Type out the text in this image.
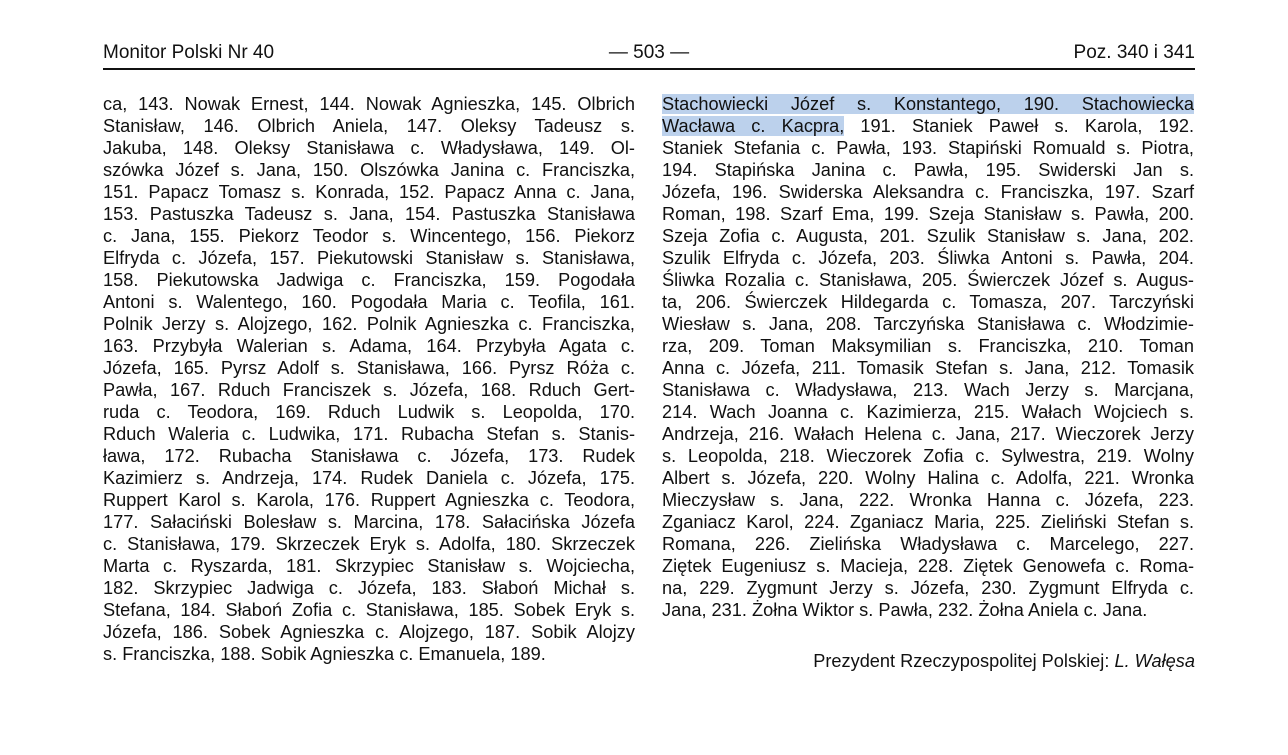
Monitor Polski Nr 40	— 503 —	Poz. 340 i 341
ca, 143. Nowak Ernest, 144. Nowak Agnieszka, 145. Olbrich
Stanisław, 146. Olbrich Aniela, 147. Oleksy Tadeusz s.
Jakuba, 148. Oleksy Stanisława c. Władysława, 149. Ol-
szówka Józef s. Jana, 150. Olszówka Janina c. Franciszka,
151. Papacz Tomasz s. Konrada, 152. Papacz Anna c. Jana,
153. Pastuszka Tadeusz s. Jana, 154. Pastuszka Stanisława
c. Jana, 155. Piekorz Teodor s. Wincentego, 156. Piekorz
Elfryda c. Józefa, 157. Piekutowski Stanisław s. Stanisława,
158. Piekutowska Jadwiga c. Franciszka, 159. Pogodała
Antoni s. Walentego, 160. Pogodała Maria c. Teofila, 161.
Polnik Jerzy s. Alojzego, 162. Polnik Agnieszka c. Franciszka,
163. Przybyła Walerian s. Adama, 164. Przybyła Agata c.
Józefa, 165. Pyrsz Adolf s. Stanisława, 166. Pyrsz Róża c.
Pawła, 167. Rduch Franciszek s. Józefa, 168. Rduch Gert-
ruda c. Teodora, 169. Rduch Ludwik s. Leopolda, 170.
Rduch Waleria c. Ludwika, 171. Rubacha Stefan s. Stanis-
ława, 172. Rubacha Stanisława c. Józefa, 173. Rudek
Kazimierz s. Andrzeja, 174. Rudek Daniela c. Józefa, 175.
Ruppert Karol s. Karola, 176. Ruppert Agnieszka c. Teodora,
177. Sałaciński Bolesław s. Marcina, 178. Sałacińska Józefa
c. Stanisława, 179. Skrzeczek Eryk s. Adolfa, 180. Skrzeczek
Marta c. Ryszarda, 181. Skrzypiec Stanisław s. Wojciecha,
182. Skrzypiec Jadwiga c. Józefa, 183. Słaboń Michał s.
Stefana, 184. Słaboń Zofia c. Stanisława, 185. Sobek Eryk s.
Józefa, 186. Sobek Agnieszka c. Alojzego, 187. Sobik Alojzy
s. Franciszka, 188. Sobik Agnieszka c. Emanuela, 189.
Stachowiecki Józef s. Konstantego, 190. Stachowiecka
Wacława c. Kacpra, 191. Staniek Paweł s. Karola, 192.
Staniek Stefania c. Pawła, 193. Stapiński Romuald s. Piotra,
194. Stapińska Janina c. Pawła, 195. Swiderski Jan s.
Józefa, 196. Swiderska Aleksandra c. Franciszka, 197. Szarf
Roman, 198. Szarf Ema, 199. Szeja Stanisław s. Pawła, 200.
Szeja Zofia c. Augusta, 201. Szulik Stanisław s. Jana, 202.
Szulik Elfryda c. Józefa, 203. Śliwka Antoni s. Pawła, 204.
Śliwka Rozalia c. Stanisława, 205. Świerczek Józef s. Augus-
ta, 206. Świerczek Hildegarda c. Tomasza, 207. Tarczyński
Wiesław s. Jana, 208. Tarczyńska Stanisława c. Włodzimie-
rza, 209. Toman Maksymilian s. Franciszka, 210. Toman
Anna c. Józefa, 211. Tomasik Stefan s. Jana, 212. Tomasik
Stanisława c. Władysława, 213. Wach Jerzy s. Marcjana,
214. Wach Joanna c. Kazimierza, 215. Wałach Wojciech s.
Andrzeja, 216. Wałach Helena c. Jana, 217. Wieczorek Jerzy
s. Leopolda, 218. Wieczorek Zofia c. Sylwestra, 219. Wolny
Albert s. Józefa, 220. Wolny Halina c. Adolfa, 221. Wronka
Mieczysław s. Jana, 222. Wronka Hanna c. Józefa, 223.
Zganiacz Karol, 224. Zganiacz Maria, 225. Zieliński Stefan s.
Romana, 226. Zielińska Władysława c. Marcelego, 227.
Ziętek Eugeniusz s. Macieja, 228. Ziętek Genowefa c. Roma-
na, 229. Zygmunt Jerzy s. Józefa, 230. Zygmunt Elfryda c.
Jana, 231. Żołna Wiktor s. Pawła, 232. Żołna Aniela c. Jana.
Prezydent Rzeczypospolitej Polskiej: L. Wałęsa
